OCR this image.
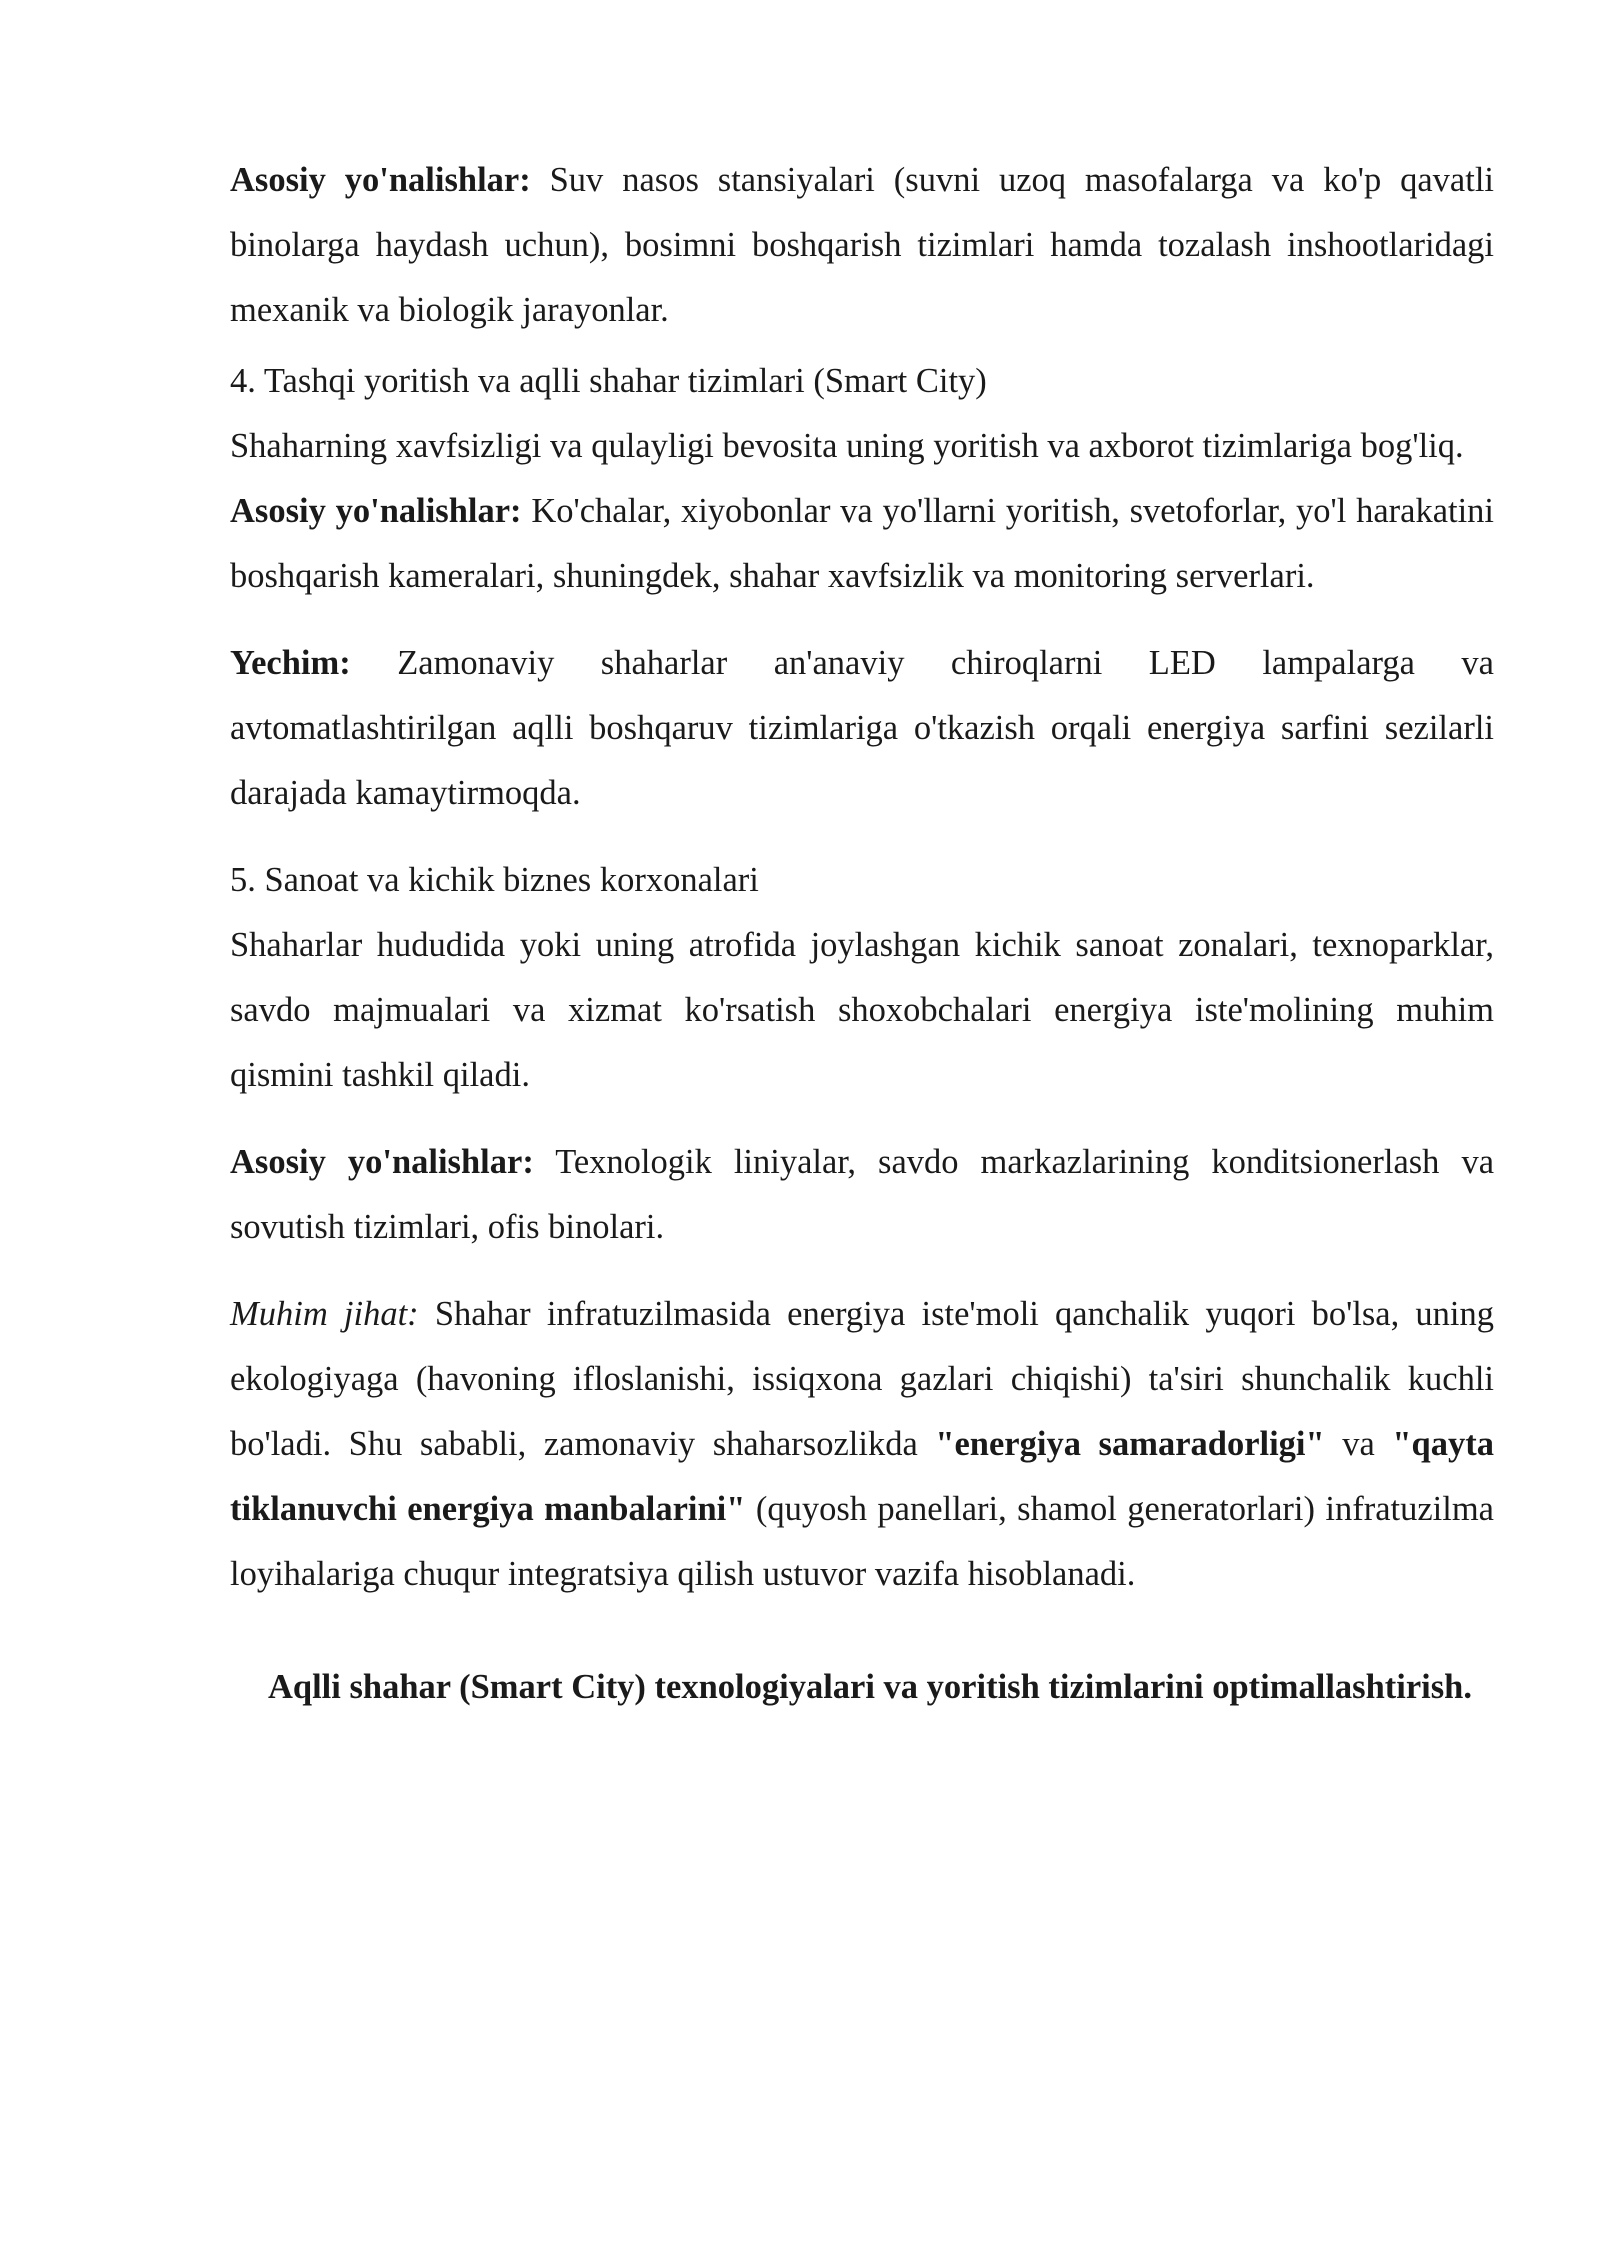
Asosiy yo'nalishlar: Suv nasos stansiyalari (suvni uzoq masofalarga va ko'p qavatli binolarga haydash uchun), bosimni boshqarish tizimlari hamda tozalash inshootlaridagi mexanik va biologik jarayonlar.

4. Tashqi yoritish va aqlli shahar tizimlari (Smart City)

Shaharning xavfsizligi va qulayligi bevosita uning yoritish va axborot tizimlariga bog'liq.

Asosiy yo'nalishlar: Ko'chalar, xiyobonlar va yo'llarni yoritish, svetoforlar, yo'l harakatini boshqarish kameralari, shuningdek, shahar xavfsizlik va monitoring serverlari.

Yechim: Zamonaviy shaharlar an'anaviy chiroqlarni LED lampalarga va avtomatlashtirilgan aqlli boshqaruv tizimlariga o'tkazish orqali energiya sarfini sezilarli darajada kamaytirmoqda.

5. Sanoat va kichik biznes korxonalari

Shaharlar hududida yoki uning atrofida joylashgan kichik sanoat zonalari, texnoparklar, savdo majmualari va xizmat ko'rsatish shoxobchalari energiya iste'molining muhim qismini tashkil qiladi.

Asosiy yo'nalishlar: Texnologik liniyalar, savdo markazlarining konditsionerlash va sovutish tizimlari, ofis binolari.

Muhim jihat: Shahar infratuzilmasida energiya iste'moli qanchalik yuqori bo'lsa, uning ekologiyaga (havoning ifloslanishi, issiqxona gazlari chiqishi) ta'siri shunchalik kuchli bo'ladi. Shu sababli, zamonaviy shaharsozlikda "energiya samaradorligi" va "qayta tiklanuvchi energiya manbalarini" (quyosh panellari, shamol generatorlari) infratuzilma loyihalariga chuqur integratsiya qilish ustuvor vazifa hisoblanadi.

Aqlli shahar (Smart City) texnologiyalari va yoritish tizimlarini optimallashtirish.
